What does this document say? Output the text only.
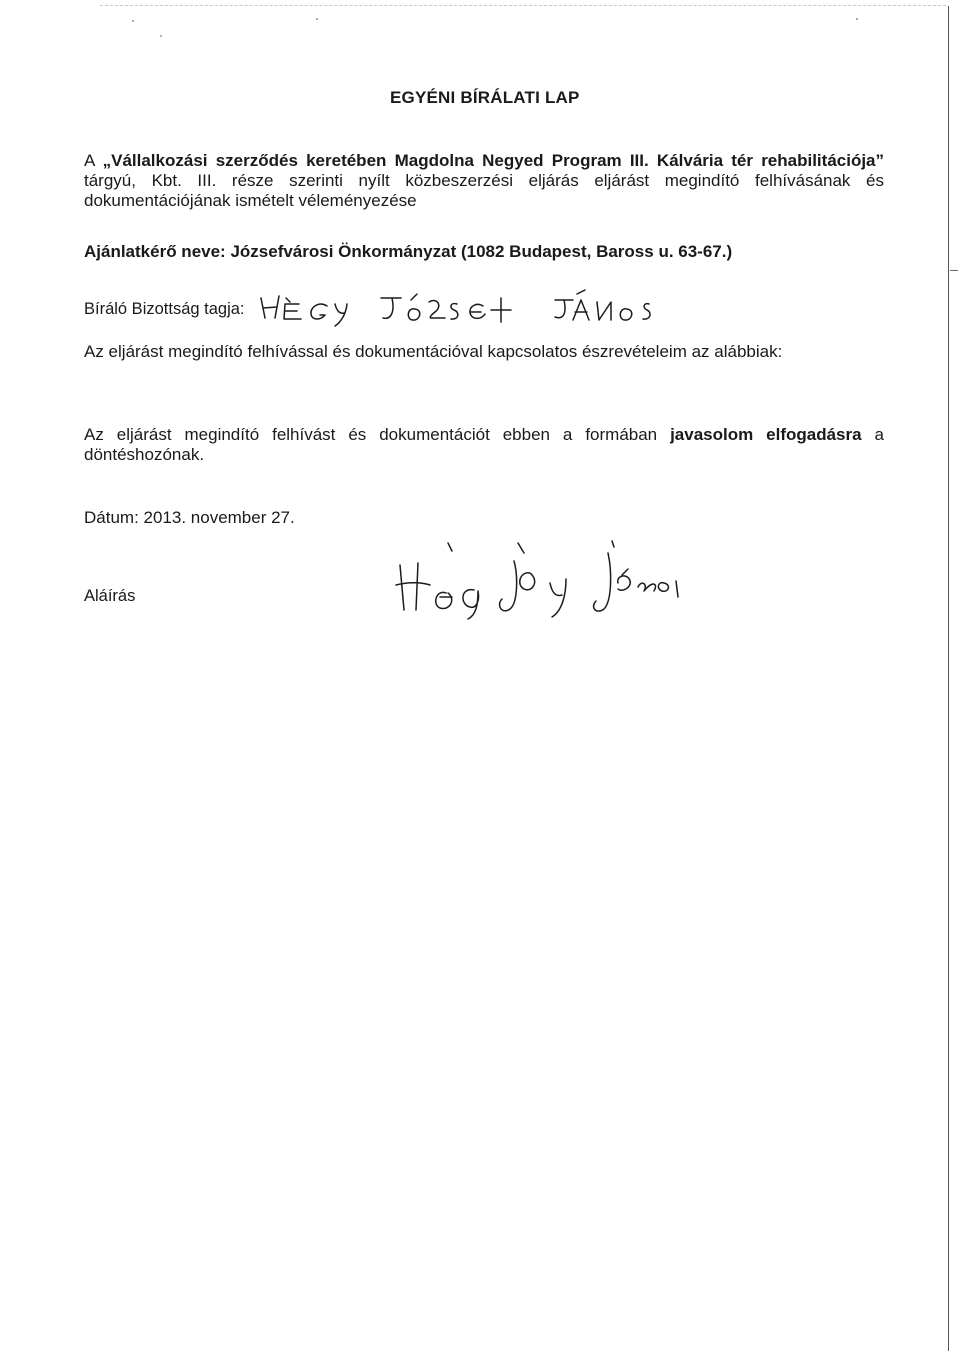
EGYÉNI BÍRÁLATI LAP
A „Vállalkozási szerződés keretében Magdolna Negyed Program III. Kálvária tér rehabilitációja” tárgyú, Kbt. III. része szerinti nyílt közbeszerzési eljárás eljárást megindító felhívásának és dokumentációjának ismételt véleményezése
Ajánlatkérő neve: Józsefvárosi Önkormányzat (1082 Budapest, Baross u. 63-67.)
Bíráló Bizottság tagja:
Az eljárást megindító felhívással és dokumentációval kapcsolatos észrevételeim az alábbiak:
Az eljárást megindító felhívást és dokumentációt ebben a formában javasolom elfogadásra a döntéshozónak.
Dátum: 2013. november 27.
Aláírás
